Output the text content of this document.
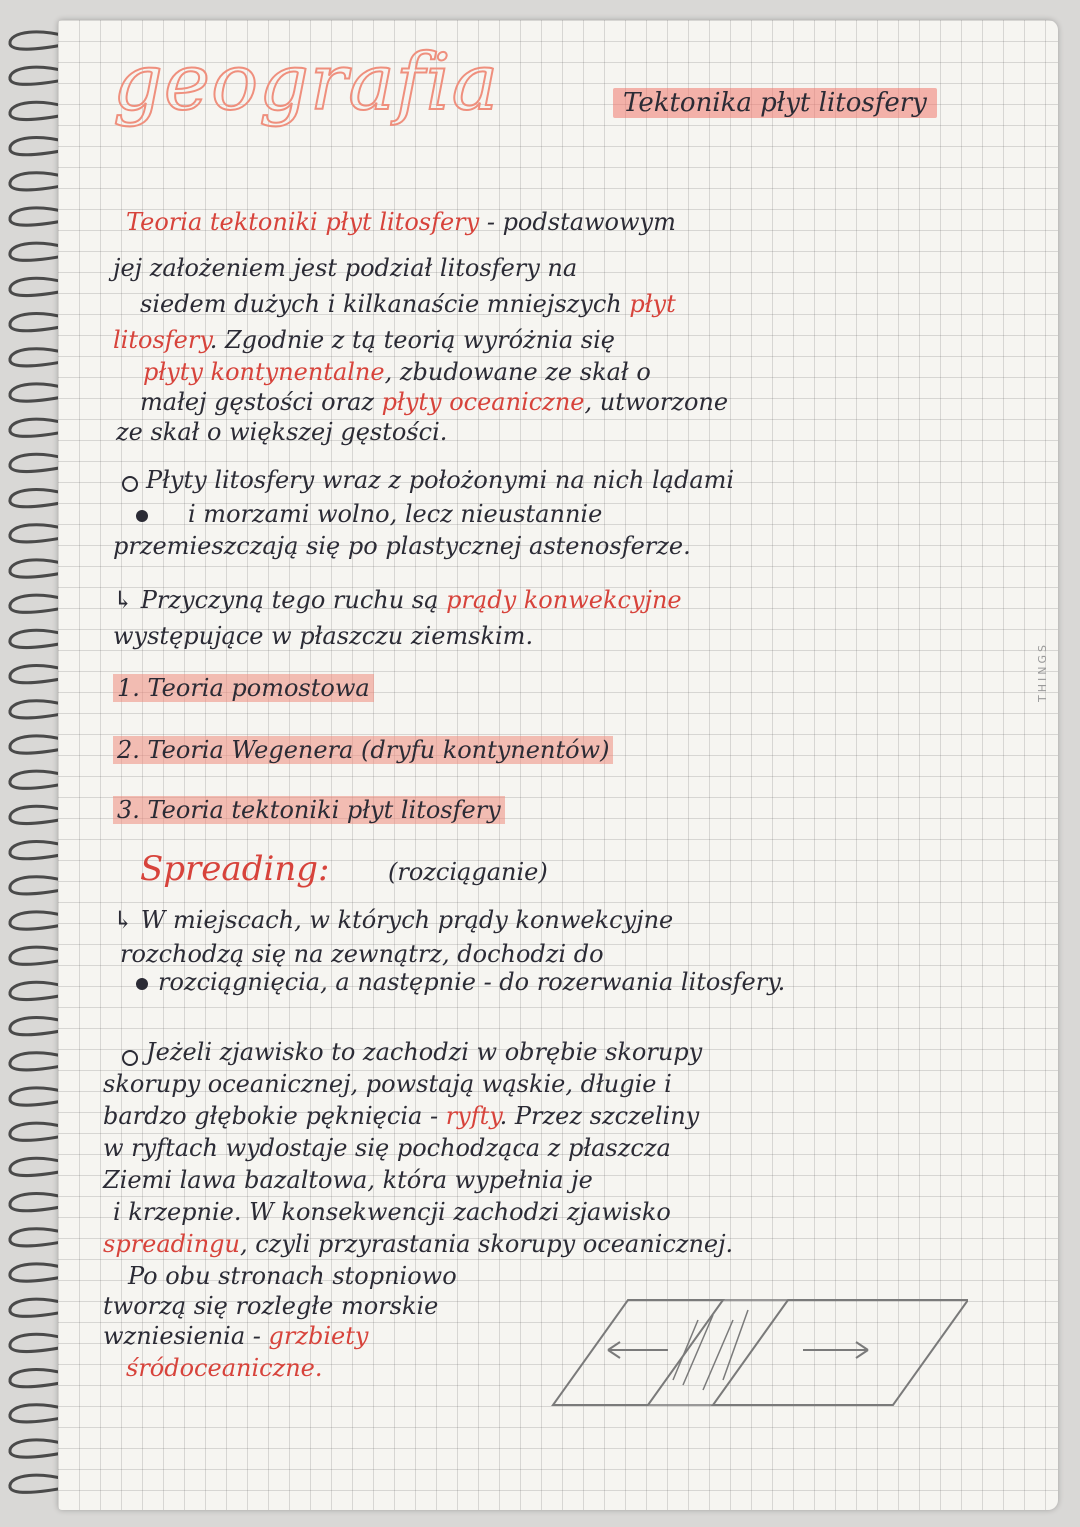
geografia	Tektonika płyt litosfery
Teoria tektoniki płyt litosfery - podstawowym
jej założeniem jest podział litosfery na
siedem dużych i kilkanaście mniejszych płyt
litosfery. Zgodnie z tą teorią wyróżnia się
płyty kontynentalne, zbudowane ze skał o
małej gęstości oraz płyty oceaniczne, utworzone
ze skał o większej gęstości.
Płyty litosfery wraz z położonymi na nich lądami
i morzami wolno, lecz nieustannie
przemieszczają się po plastycznej astenosferze.
↳ Przyczyną tego ruchu są prądy konwekcyjne
występujące w płaszczu ziemskim.
1. Teoria pomostowa
2. Teoria Wegenera (dryfu kontynentów)
3. Teoria tektoniki płyt litosfery
Spreading: (rozciąganie)
↳ W miejscach, w których prądy konwekcyjne
rozchodzą się na zewnątrz, dochodzi do
rozciągnięcia, a następnie - do rozerwania litosfery.
Jeżeli zjawisko to zachodzi w obrębie skorupy
skorupy oceanicznej, powstają wąskie, długie i
bardzo głębokie pęknięcia - ryfty. Przez szczeliny
w ryftach wydostaje się pochodząca z płaszcza
Ziemi lawa bazaltowa, która wypełnia je
i krzepnie. W konsekwencji zachodzi zjawisko
spreadingu, czyli przyrastania skorupy oceanicznej.
Po obu stronach stopniowo
tworzą się rozległe morskie
wzniesienia - grzbiety
śródoceaniczne.
THINGS
